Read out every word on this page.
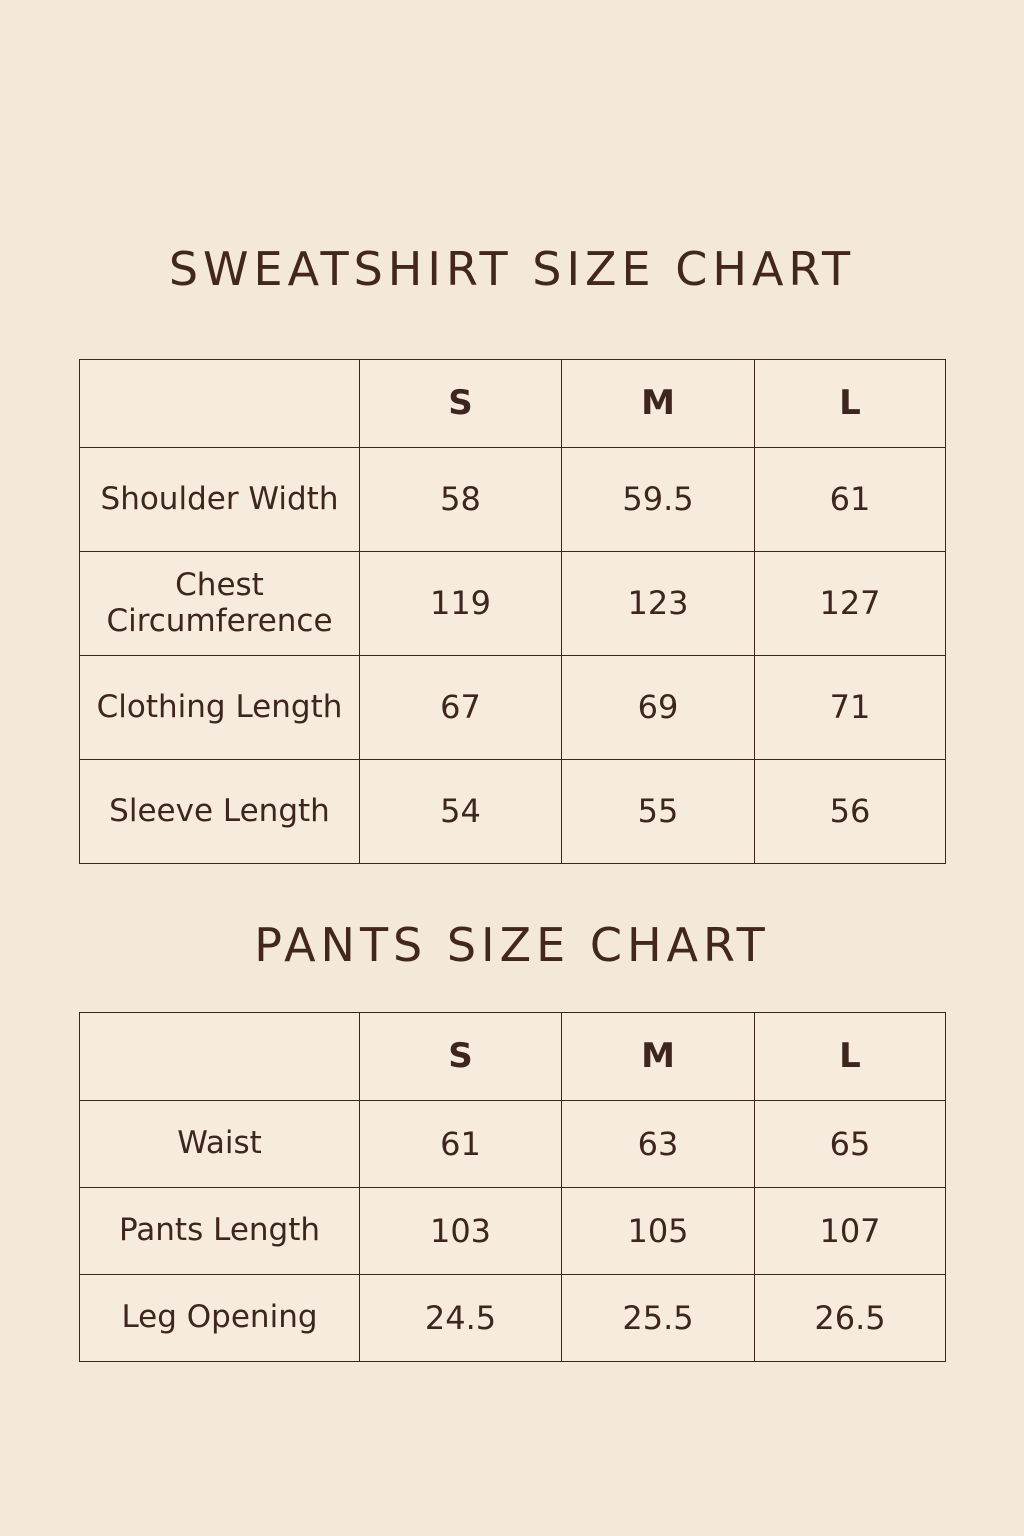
SWEATSHIRT SIZE CHART
	S	M	L
Shoulder Width	58	59.5	61
Chest Circumference	119	123	127
Clothing Length	67	69	71
Sleeve Length	54	55	56
PANTS SIZE CHART
	S	M	L
Waist	61	63	65
Pants Length	103	105	107
Leg Opening	24.5	25.5	26.5
